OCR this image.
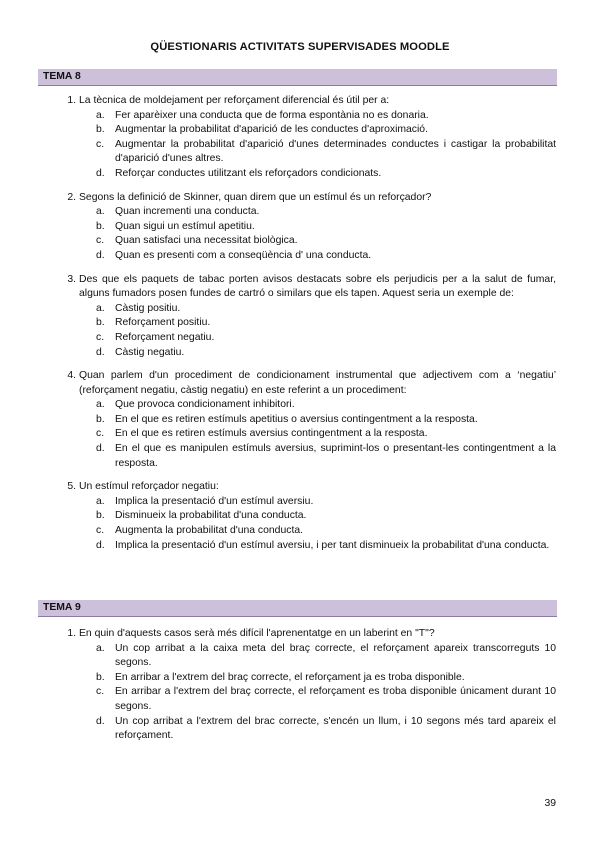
QÜESTIONARIS ACTIVITATS SUPERVISADES MOODLE
TEMA 8
1. La tècnica de moldejament per reforçament diferencial és útil per a:
a. Fer aparèixer una conducta que de forma espontània no es donaria.
b. Augmentar la probabilitat d'aparició de les conductes d'aproximació.
c. Augmentar la probabilitat d'aparició d'unes determinades conductes i castigar la probabilitat d'aparició d'unes altres.
d. Reforçar conductes utilitzant els reforçadors condicionats.
2. Segons la definició de Skinner, quan direm que un estímul és un reforçador?
a. Quan incrementi una conducta.
b. Quan sigui un estímul apetitiu.
c. Quan satisfaci una necessitat biològica.
d. Quan es presenti com a conseqüència d' una conducta.
3. Des que els paquets de tabac porten avisos destacats sobre els perjudicis per a la salut de fumar, alguns fumadors posen fundes de cartró o similars que els tapen. Aquest seria un exemple de:
a. Càstig positiu.
b. Reforçament positiu.
c. Reforçament negatiu.
d. Càstig negatiu.
4. Quan parlem d'un procediment de condicionament instrumental que adjectivem com a ‘negatiu’ (reforçament negatiu, càstig negatiu) en este referint a un procediment:
a. Que provoca condicionament inhibitori.
b. En el que es retiren estímuls apetitius o aversius contingentment a la resposta.
c. En el que es retiren estímuls aversius contingentment a la resposta.
d. En el que es manipulen estímuls aversius, suprimint-los o presentant-les contingentment a la resposta.
5. Un estímul reforçador negatiu:
a. Implica la presentació d'un estímul aversiu.
b. Disminueix la probabilitat d'una conducta.
c. Augmenta la probabilitat d'una conducta.
d. Implica la presentació d'un estímul aversiu, i per tant disminueix la probabilitat d'una conducta.
TEMA 9
1. En quin d'aquests casos serà més difícil l'aprenentatge en un laberint en "T"?
a. Un cop arribat a la caixa meta del braç correcte, el reforçament apareix transcorreguts 10 segons.
b. En arribar a l'extrem del braç correcte, el reforçament ja es troba disponible.
c. En arribar a l'extrem del braç correcte, el reforçament es troba disponible únicament durant 10 segons.
d. Un cop arribat a l'extrem del brac correcte, s'encén un llum, i 10 segons més tard apareix el reforçament.
39
